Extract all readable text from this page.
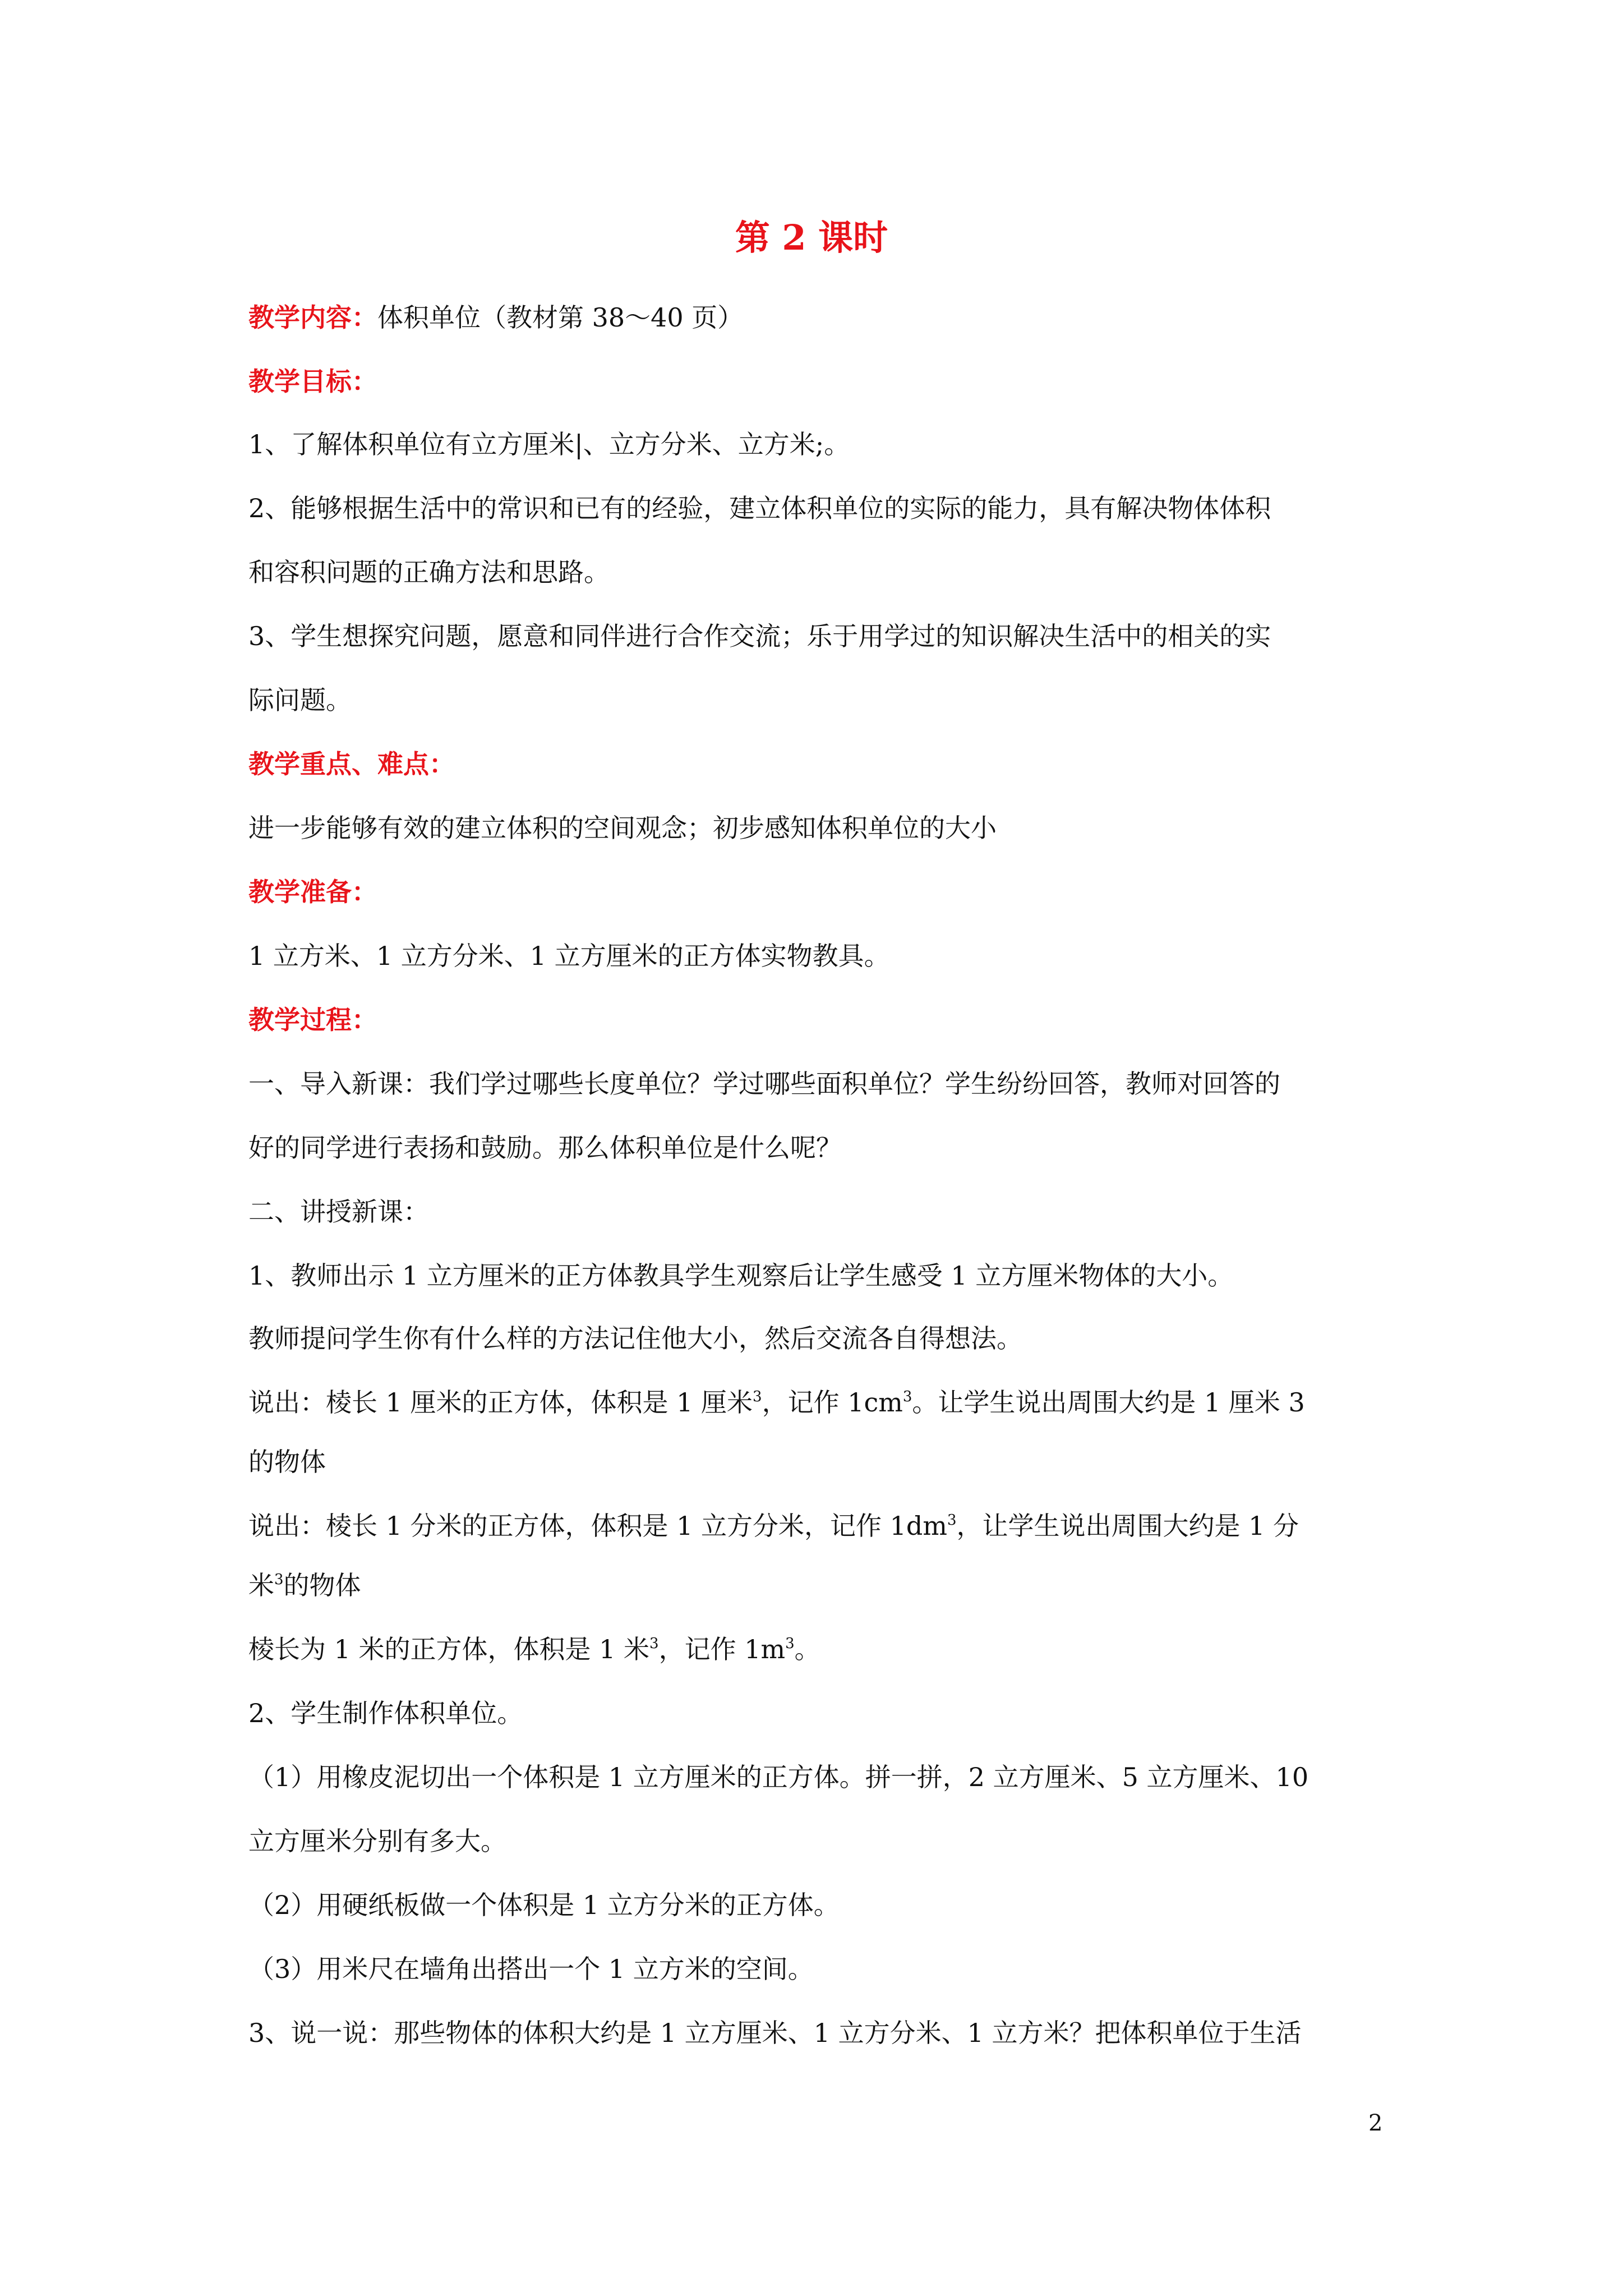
第 2 课时
教学内容：体积单位（教材第 38～40 页）
教学目标：
1、了解体积单位有立方厘米|、立方分米、立方米;。
2、能够根据生活中的常识和已有的经验，建立体积单位的实际的能力，具有解决物体体积
和容积问题的正确方法和思路。
3、学生想探究问题，愿意和同伴进行合作交流；乐于用学过的知识解决生活中的相关的实
际问题。
教学重点、难点：
进一步能够有效的建立体积的空间观念；初步感知体积单位的大小
教学准备：
1 立方米、1 立方分米、1 立方厘米的正方体实物教具。
教学过程：
一、导入新课：我们学过哪些长度单位？学过哪些面积单位？学生纷纷回答，教师对回答的
好的同学进行表扬和鼓励。那么体积单位是什么呢？
二、讲授新课：
1、教师出示 1 立方厘米的正方体教具学生观察后让学生感受 1 立方厘米物体的大小。
教师提问学生你有什么样的方法记住他大小，然后交流各自得想法。
说出：棱长 1 厘米的正方体，体积是 1 厘米$^3$，记作 $1cm^3$。让学生说出周围大约是 1 厘米 3
的物体
说出：棱长 1 分米的正方体，体积是 1 立方分米，记作 $1dm^3$，让学生说出周围大约是 1 分
米$^3$的物体
棱长为 1 米的正方体，体积是 1 米$^3$，记作 $1m^3$。
2、学生制作体积单位。
（1）用橡皮泥切出一个体积是 1 立方厘米的正方体。拼一拼，2 立方厘米、5 立方厘米、10
立方厘米分别有多大。
（2）用硬纸板做一个体积是 1 立方分米的正方体。
（3）用米尺在墙角出搭出一个 1 立方米的空间。
3、说一说：那些物体的体积大约是 1 立方厘米、1 立方分米、1 立方米？把体积单位于生活
2
